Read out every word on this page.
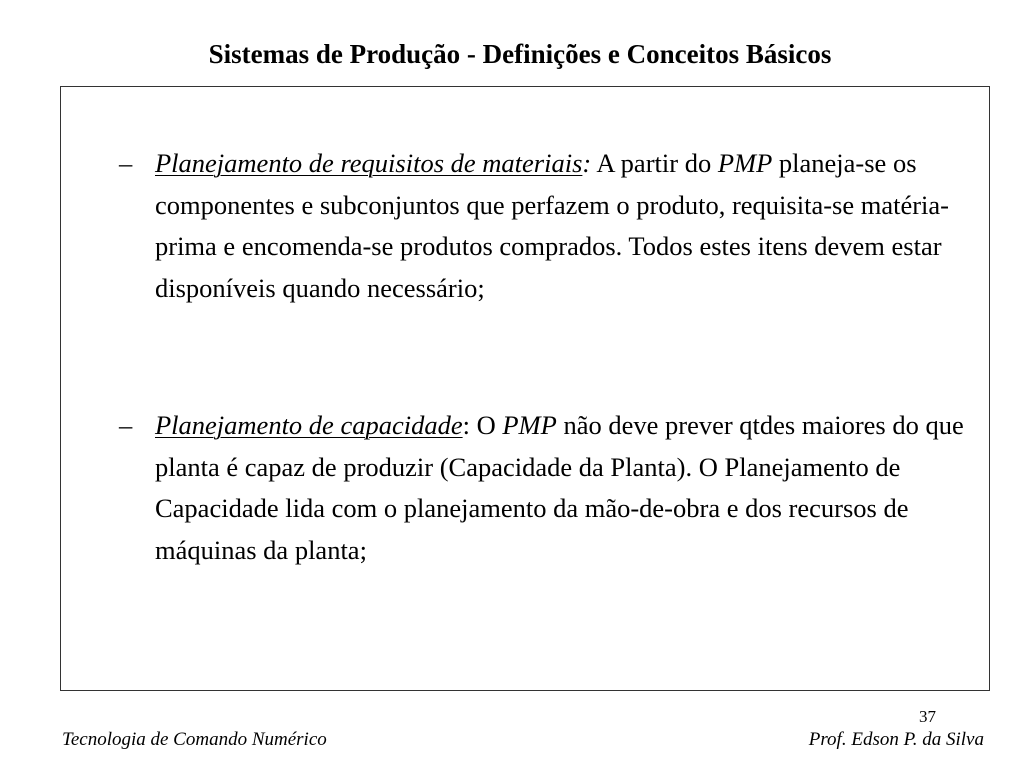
Sistemas de Produção - Definições e Conceitos Básicos
– Planejamento de requisitos de materiais: A partir do PMP planeja-se os componentes e subconjuntos que perfazem o produto, requisita-se matéria-prima e encomenda-se produtos comprados. Todos estes itens devem estar disponíveis quando necessário;
– Planejamento de capacidade: O PMP não deve prever qtdes maiores do que planta é capaz de produzir (Capacidade da Planta). O Planejamento de Capacidade lida com o planejamento da mão-de-obra e dos recursos de máquinas da planta;
37
Tecnologia de Comando Numérico	Prof. Edson P. da Silva
